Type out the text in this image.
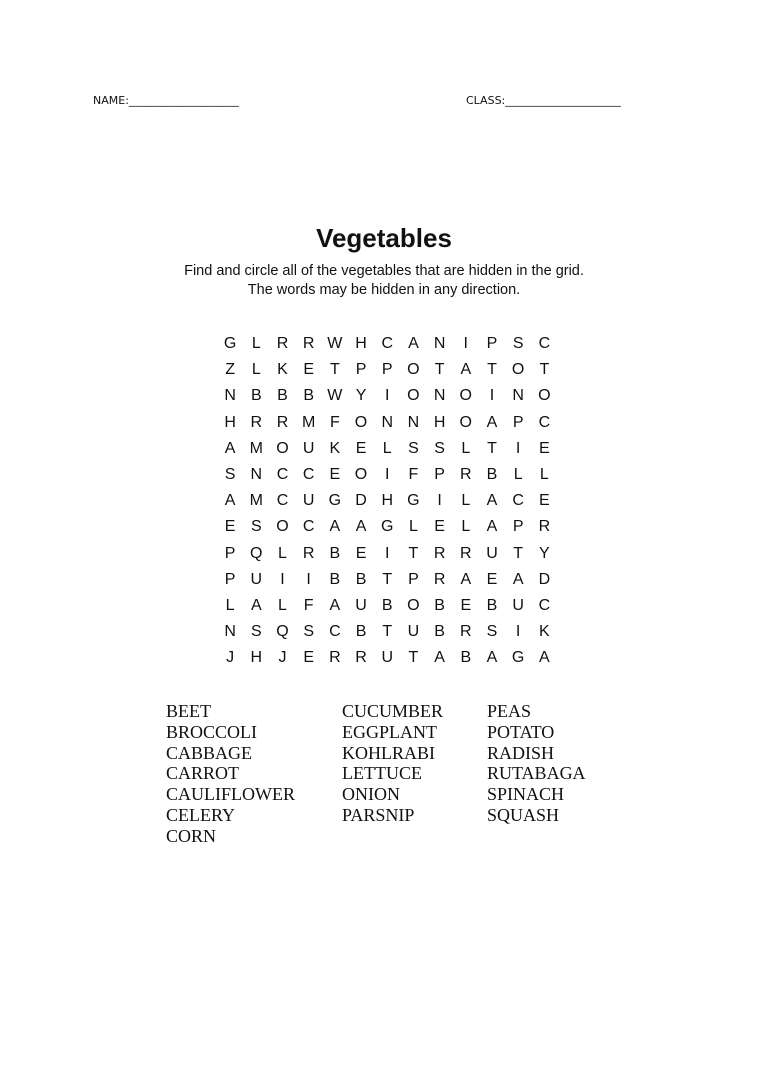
NAME:____________________	CLASS:_____________________
Vegetables
Find and circle all of the vegetables that are hidden in the grid.
The words may be hidden in any direction.
G L R R W H C A N	I	P S C
Z	L	K E T P P O T A T O T
N B B B W Y	I	O N O	I	N O
H R R M F O N N H O A P C
A M O U K E	L	S S	L	T	I	E
S N C C E O	I	F P R B	L	L
A M C U G D H G	I	L	A C E
E S O C A A G L	E	L	A P R
P Q L R B E	I	T R R U T Y
P U	I	I	B B T P R A E A D
L	A	L	F A U B O B E B U C
N S Q S C B T U B R S	I	K
J	H	J	E R R U T A B A G A
BEET
BROCCOLI
CABBAGE
CARROT
CAULIFLOWER
CELERY
CORN
CUCUMBER
EGGPLANT
KOHLRABI
LETTUCE
ONION
PARSNIP
PEAS
POTATO
RADISH
RUTABAGA
SPINACH
SQUASH
